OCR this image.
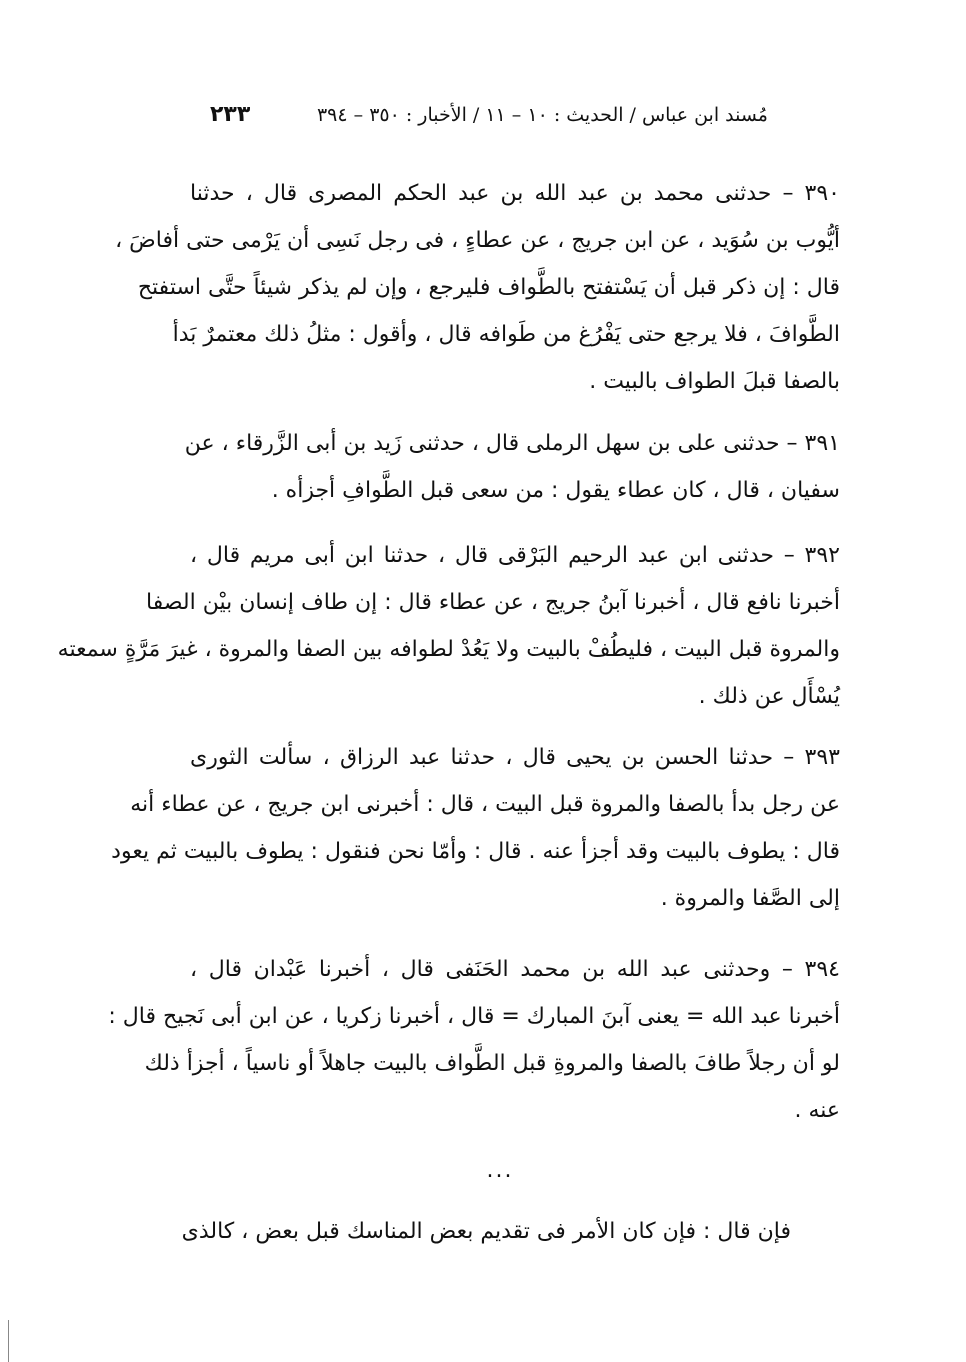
مُسند ابن عباس / الحديث : ١٠ – ١١ / الأخبار : ٣٥٠ – ٣٩٤
٢٣٣
٣٩٠ – حدثنى محمد بن عبد الله بن عبد الحكم المصرى قال ، حدثنا
أيُّوب بن سُوَيد ، عن ابن جريج ، عن عطاءٍ ، فى رجل نَسِى أن يَرْمى حتى أفاضَ ،
قال : إن ذكر قبل أن يَسْتفتح بالطَّواف فليرجع ، وإن لم يذكر شيئاً حتَّى استفتح
الطَّوافَ ، فلا يرجع حتى يَفْرُغ من طَوافه قال ، وأقول : مثلُ ذلك معتمرٌ بَدأ
بالصفا قبلَ الطواف بالبيت .
٣٩١ – حدثنى على بن سهل الرملى قال ، حدثنى زَيد بن أبى الزَّرقاء ، عن
سفيان ، قال ، كان عطاء يقول : من سعى قبل الطَّوافِ أجزأه .
٣٩٢ – حدثنى ابن عبد الرحيم البَرْقى قال ، حدثنا ابن أبى مريم قال ،
أخبرنا نافع قال ، أخبرنا آبنُ جريج ، عن عطاء قال : إن طاف إنسان بيْن الصفا
والمروة قبل البيت ، فليطُفْ بالبيت ولا يَعُدْ لطوافه بين الصفا والمروة ، غيرَ مَرَّةٍ سمعته
يُسْأَل عن ذلك .
٣٩٣ – حدثنا الحسن بن يحيى قال ، حدثنا عبد الرزاق ، سألت الثورى
عن رجل بدأ بالصفا والمروة قبل البيت ، قال : أخبرنى ابن جريج ، عن عطاء أنه
قال : يطوف بالبيت وقد أجزأ عنه . قال : وأمّا نحن فنقول : يطوف بالبيت ثم يعود
إلى الصَّفا والمروة .
٣٩٤ – وحدثنى عبد الله بن محمد الحَنَفى قال ، أخبرنا عَبْدان قال ،
أخبرنا عبد الله = يعنى آبنَ المبارك = قال ، أخبرنا زكريا ، عن ابن أبى نَجيح قال :
لو أن رجلاً طافَ بالصفا والمروةِ قبل الطَّواف بالبيت جاهلاً أو ناسياً ، أجزأ ذلك
عنه .
...
فإن قال : فإن كان الأمر فى تقديم بعض المناسك قبل بعض ، كالذى
